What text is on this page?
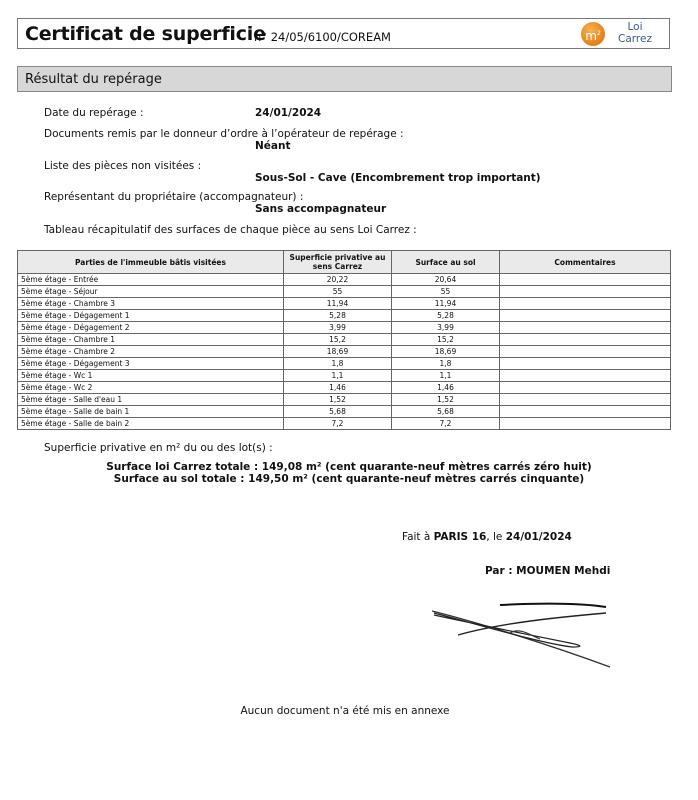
Certificat de superficie
n° 24/05/6100/COREAM	$m^2$
Loi
Carrez
Résultat du repérage
Date du repérage :	24/01/2024
Documents remis par le donneur d’ordre à l’opérateur de repérage :
Néant
Liste des pièces non visitées :
Sous-Sol - Cave (Encombrement trop important)
Représentant du propriétaire (accompagnateur) :
Sans accompagnateur
Tableau récapitulatif des surfaces de chaque pièce au sens Loi Carrez :
Parties de l'immeuble bâtis visitées	Superficie privative au sens Carrez	Surface au sol	Commentaires
5ème étage - Entrée	20,22	20,64	
5ème étage - Séjour	55	55	
5ème étage - Chambre 3	11,94	11,94	
5ème étage - Dégagement 1	5,28	5,28	
5ème étage - Dégagement 2	3,99	3,99	
5ème étage - Chambre 1	15,2	15,2	
5ème étage - Chambre 2	18,69	18,69	
5ème étage - Dégagement 3	1,8	1,8	
5ème étage - Wc 1	1,1	1,1	
5ème étage - Wc 2	1,46	1,46	
5ème étage - Salle d'eau 1	1,52	1,52	
5ème étage - Salle de bain 1	5,68	5,68	
5ème étage - Salle de bain 2	7,2	7,2	
Superficie privative en m² du ou des lot(s) :
Surface loi Carrez totale : 149,08 m² (cent quarante-neuf mètres carrés zéro huit)
Surface au sol totale : 149,50 m² (cent quarante-neuf mètres carrés cinquante)
Fait à PARIS 16, le 24/01/2024
Par : MOUMEN Mehdi
Aucun document n'a été mis en annexe
